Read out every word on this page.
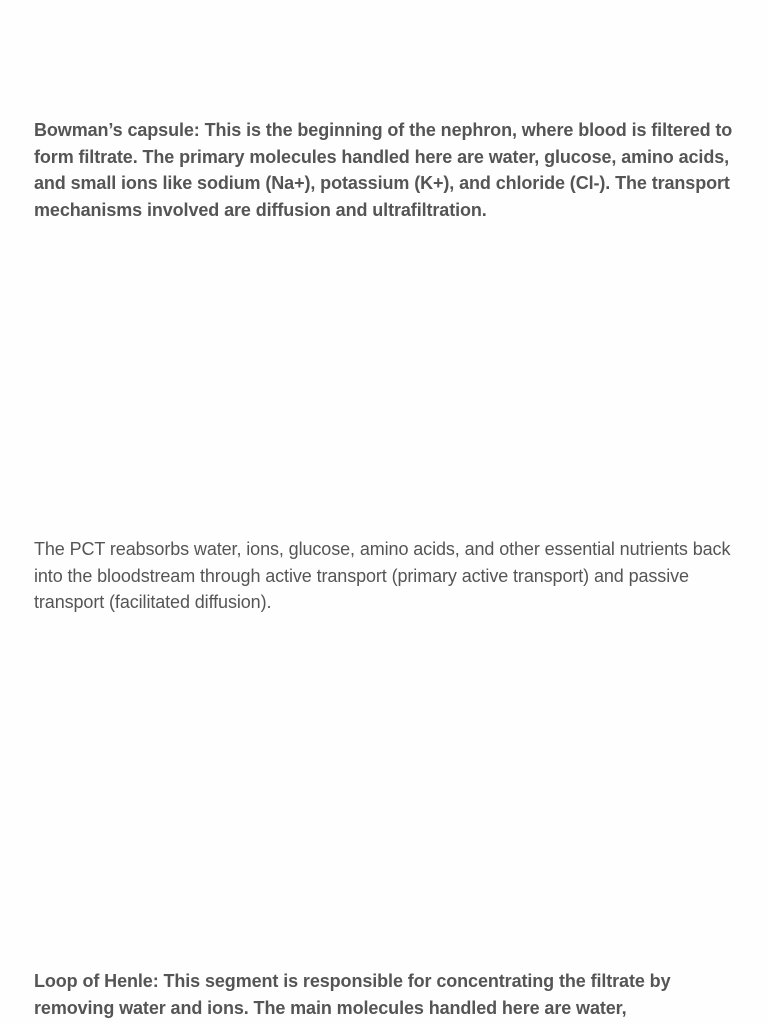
Bowman’s capsule: This is the beginning of the nephron, where blood is filtered to form filtrate. The primary molecules handled here are water, glucose, amino acids, and small ions like sodium (Na+), potassium (K+), and chloride (Cl-). The transport mechanisms involved are diffusion and ultrafiltration.

The PCT reabsorbs water, ions, glucose, amino acids, and other essential nutrients back into the bloodstream through active transport (primary active transport) and passive transport (facilitated diffusion).

Loop of Henle: This segment is responsible for concentrating the filtrate by removing water and ions. The main molecules handled here are water,
